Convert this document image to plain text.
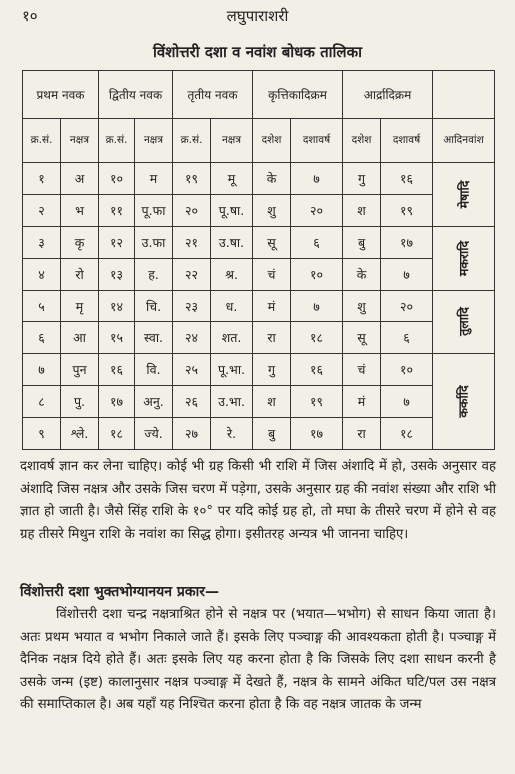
१०	लघुपाराशरी
विंशोत्तरी दशा व नवांश बोधक तालिका
प्रथम नवक		द्वितीय नवक		तृतीय नवक		कृत्तिकादिक्रम		आर्द्रादिक्रम		
क्र.सं.	नक्षत्र	क्र.सं.	नक्षत्र	क्र.सं.	नक्षत्र	दशेश	दशावर्ष	दशेश	दशावर्ष	आदिनवांश
१	अ	१०	म	१९	मू	के	७	गु	१६	मेषादि
२	भ	११	पू.फा	२०	पू.षा.	शु	२०	श	१९	
३	कृ	१२	उ.फा	२१	उ.षा.	सू	६	बु	१७	मकरादि
४	रो	१३	ह.	२२	श्र.	चं	१०	के	७	
५	मृ	१४	चि.	२३	ध.	मं	७	शु	२०	तुलादि
६	आ	१५	स्वा.	२४	शत.	रा	१८	सू	६	
७	पुन	१६	वि.	२५	पू.भा.	गु	१६	चं	१०	कर्कादि
८	पु.	१७	अनु.	२६	उ.भा.	श	१९	मं	७	
९	श्ले.	१८	ज्ये.	२७	रे.	बु	१७	रा	१८	
दशावर्ष ज्ञान कर लेना चाहिए। कोई भी ग्रह किसी भी राशि में जिस अंशादि में हो, उसके अनुसार वह अंशादि जिस नक्षत्र और उसके जिस चरण में पड़ेगा, उसके अनुसार ग्रह की नवांश संख्या और राशि भी ज्ञात हो जाती है। जैसे सिंह राशि के १०° पर यदि कोई ग्रह हो, तो मघा के तीसरे चरण में होने से वह ग्रह तीसरे मिथुन राशि के नवांश का सिद्ध होगा। इसीतरह अन्यत्र भी जानना चाहिए।
विंशोत्तरी दशा भुक्तभोग्यानयन प्रकार—
विंशोत्तरी दशा चन्द्र नक्षत्राश्रित होने से नक्षत्र पर (भयात—भभोग) से साधन किया जाता है। अतः प्रथम भयात व भभोग निकाले जाते हैं। इसके लिए पञ्चाङ्ग की आवश्यकता होती है। पञ्चाङ्ग में दैनिक नक्षत्र दिये होते हैं। अतः इसके लिए यह करना होता है कि जिसके लिए दशा साधन करनी है उसके जन्म (इष्ट) कालानुसार नक्षत्र पञ्चाङ्ग में देखते हैं, नक्षत्र के सामने अंकित घटि/पल उस नक्षत्र की समाप्तिकाल है। अब यहाँ यह निश्चित करना होता है कि वह नक्षत्र जातक के जन्म
